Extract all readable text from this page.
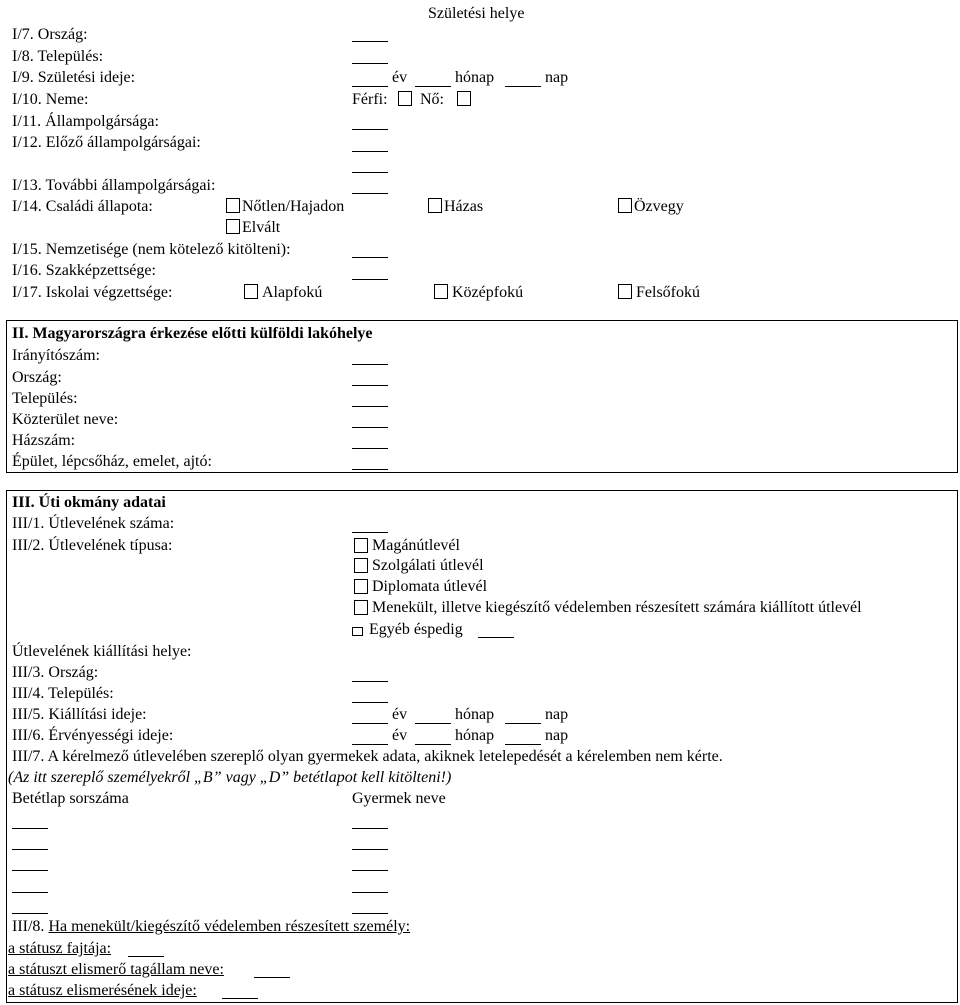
Születési helye
I/7. Ország:
I/8. Település:
I/9. Születési ideje:	év	hónap	nap
I/10. Neme:	Férfi: Nő:
I/11. Állampolgársága:
I/12. Előző állampolgárságai:
I/13. További állampolgárságai:
I/14. Családi állapota:	Nőtlen/Hajadon	Házas	Özvegy
Elvált
I/15. Nemzetisége (nem kötelező kitölteni):
I/16. Szakképzettsége:
I/17. Iskolai végzettsége:	Alapfokú	Középfokú	Felsőfokú
II. Magyarországra érkezése előtti külföldi lakóhelye
Irányítószám:
Ország:
Település:
Közterület neve:
Házszám:
Épület, lépcsőház, emelet, ajtó:
III. Úti okmány adatai
III/1. Útlevelének száma:
III/2. Útlevelének típusa:	Magánútlevél
Szolgálati útlevél
Diplomata útlevél
Menekült, illetve kiegészítő védelemben részesített számára kiállított útlevél
Egyéb éspedig
Útlevelének kiállítási helye:
III/3. Ország:
III/4. Település:
III/5. Kiállítási ideje:	év	hónap	nap
III/6. Érvényességi ideje:	év	hónap	nap
III/7. A kérelmező útlevelében szereplő olyan gyermekek adata, akiknek letelepedését a kérelemben nem kérte.
(Az itt szereplő személyekről „B” vagy „D” betétlapot kell kitölteni!)
Betétlap sorszáma	Gyermek neve
III/8. Ha menekült/kiegészítő védelemben részesített személy:
a státusz fajtája:
a státuszt elismerő tagállam neve:
a státusz elismerésének ideje:
